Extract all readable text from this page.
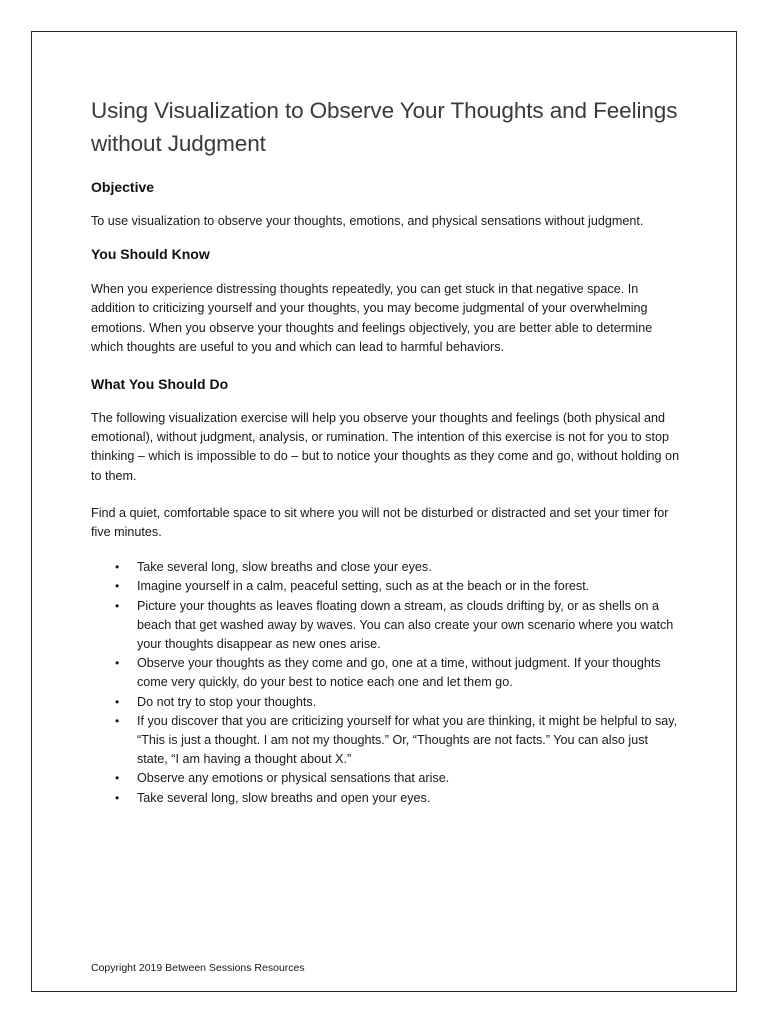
Using Visualization to Observe Your Thoughts and Feelings without Judgment
Objective

To use visualization to observe your thoughts, emotions, and physical sensations without judgment.

You Should Know

When you experience distressing thoughts repeatedly, you can get stuck in that negative space. In addition to criticizing yourself and your thoughts, you may become judgmental of your overwhelming emotions. When you observe your thoughts and feelings objectively, you are better able to determine which thoughts are useful to you and which can lead to harmful behaviors.

What You Should Do

The following visualization exercise will help you observe your thoughts and feelings (both physical and emotional), without judgment, analysis, or rumination. The intention of this exercise is not for you to stop thinking – which is impossible to do – but to notice your thoughts as they come and go, without holding on to them.

Find a quiet, comfortable space to sit where you will not be disturbed or distracted and set your timer for five minutes.

• Take several long, slow breaths and close your eyes.
• Imagine yourself in a calm, peaceful setting, such as at the beach or in the forest.
• Picture your thoughts as leaves floating down a stream, as clouds drifting by, or as shells on a beach that get washed away by waves. You can also create your own scenario where you watch your thoughts disappear as new ones arise.
• Observe your thoughts as they come and go, one at a time, without judgment. If your thoughts come very quickly, do your best to notice each one and let them go.
• Do not try to stop your thoughts.
• If you discover that you are criticizing yourself for what you are thinking, it might be helpful to say, “This is just a thought. I am not my thoughts.” Or, “Thoughts are not facts.” You can also just state, “I am having a thought about X.”
• Observe any emotions or physical sensations that arise.
• Take several long, slow breaths and open your eyes.
Copyright 2019 Between Sessions Resources
